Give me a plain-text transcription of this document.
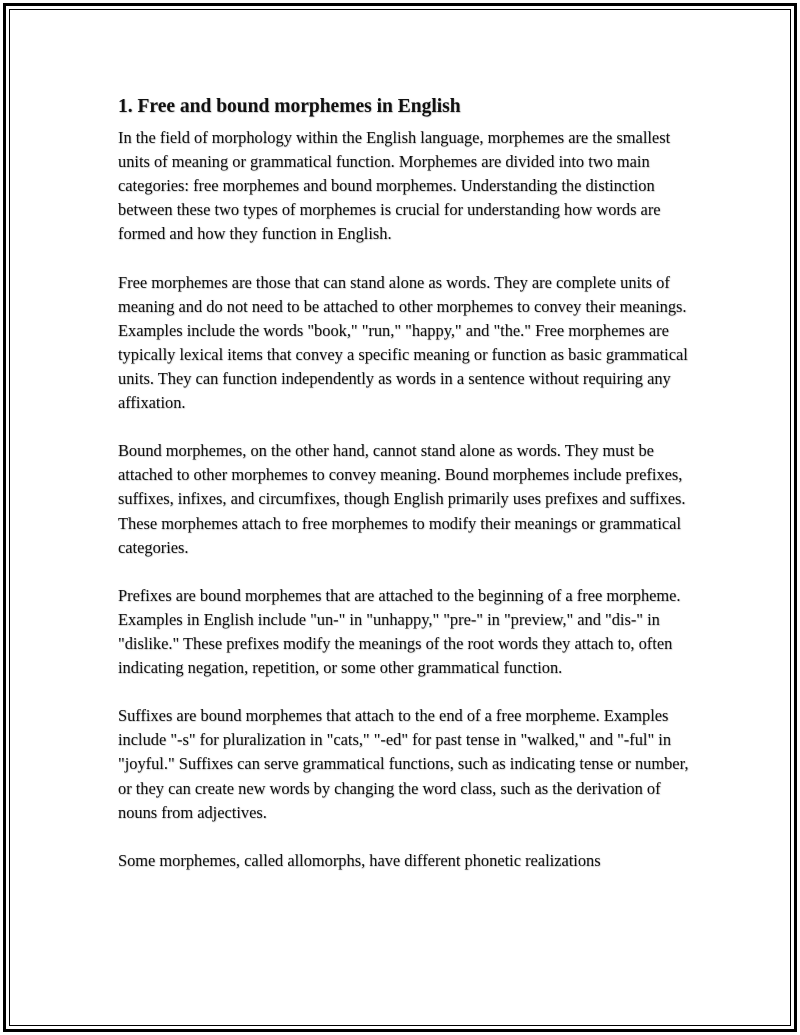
1. Free and bound morphemes in English

In the field of morphology within the English language, morphemes are the smallest units of meaning or grammatical function. Morphemes are divided into two main categories: free morphemes and bound morphemes. Understanding the distinction between these two types of morphemes is crucial for understanding how words are formed and how they function in English.

Free morphemes are those that can stand alone as words. They are complete units of meaning and do not need to be attached to other morphemes to convey their meanings. Examples include the words "book," "run," "happy," and "the." Free morphemes are typically lexical items that convey a specific meaning or function as basic grammatical units. They can function independently as words in a sentence without requiring any affixation.

Bound morphemes, on the other hand, cannot stand alone as words. They must be attached to other morphemes to convey meaning. Bound morphemes include prefixes, suffixes, infixes, and circumfixes, though English primarily uses prefixes and suffixes. These morphemes attach to free morphemes to modify their meanings or grammatical categories.

Prefixes are bound morphemes that are attached to the beginning of a free morpheme. Examples in English include "un-" in "unhappy," "pre-" in "preview," and "dis-" in "dislike." These prefixes modify the meanings of the root words they attach to, often indicating negation, repetition, or some other grammatical function.

Suffixes are bound morphemes that attach to the end of a free morpheme. Examples include "-s" for pluralization in "cats," "-ed" for past tense in "walked," and "-ful" in "joyful." Suffixes can serve grammatical functions, such as indicating tense or number, or they can create new words by changing the word class, such as the derivation of nouns from adjectives.

Some morphemes, called allomorphs, have different phonetic realizations
